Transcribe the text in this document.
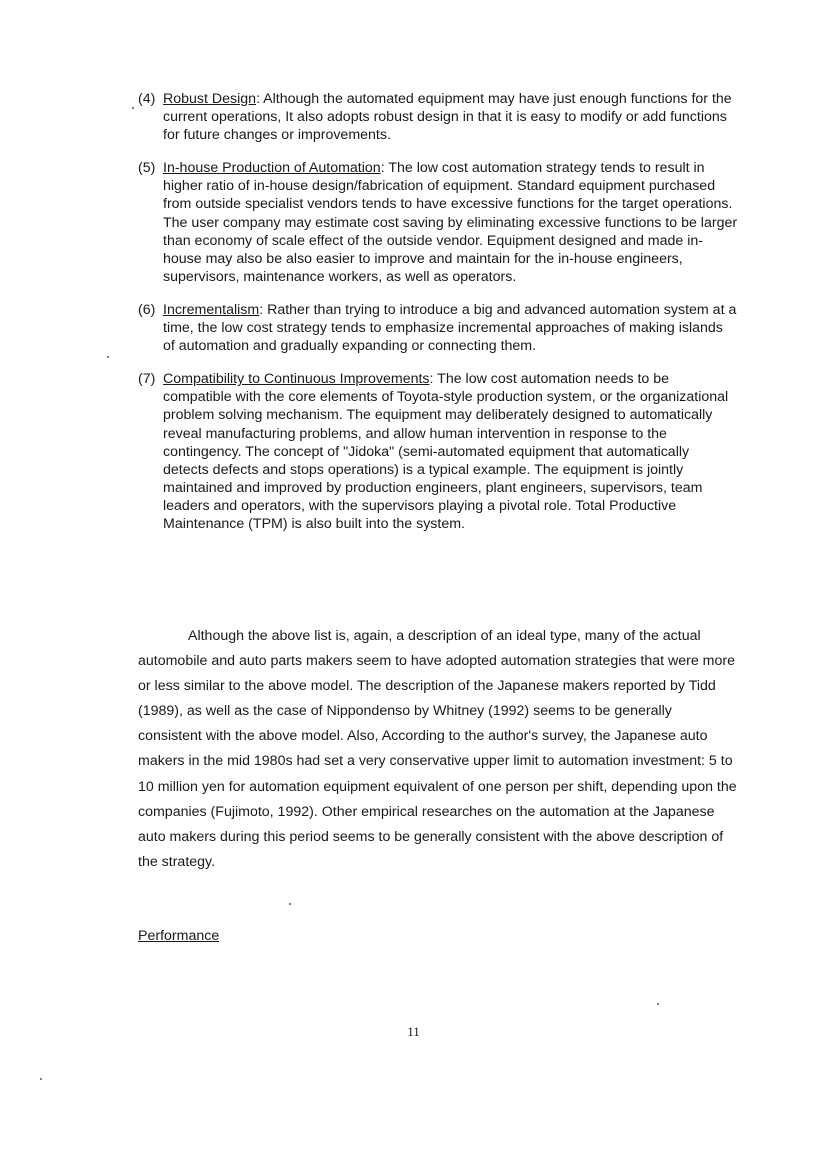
(4) Robust Design

: Although the automated equipment may have just enough functions for the current operations, It also adopts robust design in that it is easy to modify or add functions for future changes or improvements.

(5) In-house Production of Automation

: The low cost automation strategy tends to result in higher ratio of in-house design/fabrication of equipment. Standard equipment purchased from outside specialist vendors tends to have excessive functions for the target operations. The user company may estimate cost saving by eliminating excessive functions to be larger than economy of scale effect of the outside vendor. Equipment designed and made in-house may also be also easier to improve and maintain for the in-house engineers, supervisors, maintenance workers, as well as operators.

(6) Incrementalism

: Rather than trying to introduce a big and advanced automation system at a time, the low cost strategy tends to emphasize incremental approaches of making islands of automation and gradually expanding or connecting them.

(7) Compatibility to Continuous Improvements

: The low cost automation needs to be compatible with the core elements of Toyota-style production system, or the organizational problem solving mechanism. The equipment may deliberately designed to automatically reveal manufacturing problems, and allow human intervention in response to the contingency. The concept of "Jidoka" (semi-automated equipment that automatically detects defects and stops operations) is a typical example. The equipment is jointly maintained and improved by production engineers, plant engineers, supervisors, team leaders and operators, with the supervisors playing a pivotal role. Total Productive Maintenance (TPM) is also built into the system.

Although the above list is, again, a description of an ideal type, many of the actual automobile and auto parts makers seem to have adopted automation strategies that were more or less similar to the above model. The description of the Japanese makers reported by Tidd (1989), as well as the case of Nippondenso by Whitney (1992) seems to be generally consistent with the above model. Also, According to the author's survey, the Japanese auto makers in the mid 1980s had set a very conservative upper limit to automation investment: 5 to 10 million yen for automation equipment equivalent of one person per shift, depending upon the companies (Fujimoto, 1992). Other empirical researches on the automation at the Japanese auto makers during this period seems to be generally consistent with the above description of the strategy.

Performance

11
